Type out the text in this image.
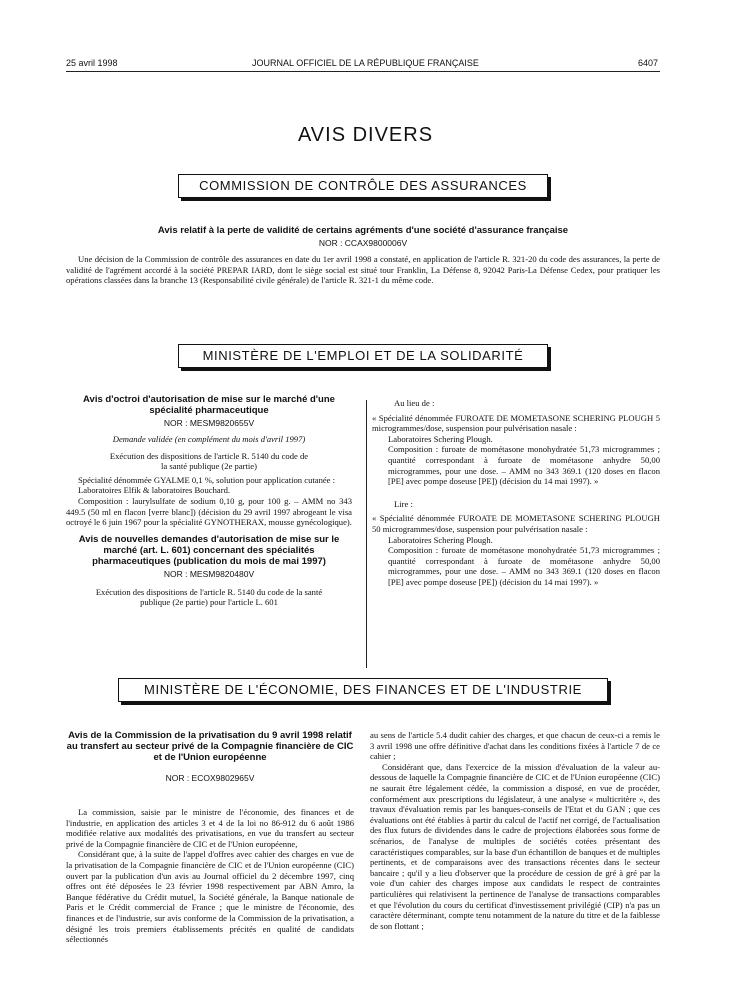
25 avril 1998	JOURNAL OFFICIEL DE LA RÉPUBLIQUE FRANÇAISE	6407
AVIS DIVERS
COMMISSION DE CONTRÔLE DES ASSURANCES
Avis relatif à la perte de validité de certains agréments d'une société d'assurance française
NOR : CCAX9800006V

Une décision de la Commission de contrôle des assurances en date du 1er avril 1998 a constaté, en application de l'article R. 321-20 du code des assurances, la perte de validité de l'agrément accordé à la société PREPAR IARD, dont le siège social est situé tour Franklin, La Défense 8, 92042 Paris-La Défense Cedex, pour pratiquer les opérations classées dans la branche 13 (Responsabilité civile générale) de l'article R. 321-1 du même code.

MINISTÈRE DE L'EMPLOI ET DE LA SOLIDARITÉ
Avis d'octroi d'autorisation de mise sur le marché d'une spécialité pharmaceutique
NOR : MESM9820655V

Demande validée (en complément du mois d'avril 1997)

Exécution des dispositions de l'article R. 5140 du code de la santé publique (2e partie)

Spécialité dénommée GYALME 0,1 %, solution pour application cutanée :

Laboratoires Elfik & laboratoires Bouchard.

Composition : laurylsulfate de sodium 0,10 g, pour 100 g. – AMM no 343 449.5 (50 ml en flacon [verre blanc]) (décision du 29 avril 1997 abrogeant le visa octroyé le 6 juin 1967 pour la spécialité GYNOTHERAX, mousse gynécologique).

Avis de nouvelles demandes d'autorisation de mise sur le marché (art. L. 601) concernant des spécialités pharmaceutiques (publication du mois de mai 1997)
NOR : MESM9820480V

Exécution des dispositions de l'article R. 5140 du code de la santé publique (2e partie) pour l'article L. 601

Au lieu de :

« Spécialité dénommée FUROATE DE MOMETASONE SCHERING PLOUGH 5 microgrammes/dose, suspension pour pulvérisation nasale :

Laboratoires Schering Plough.

Composition : furoate de mométasone monohydratée 51,73 microgrammes ; quantité correspondant à furoate de mométasone anhydre 50,00 microgrammes, pour une dose. – AMM no 343 369.1 (120 doses en flacon [PE] avec pompe doseuse [PE]) (décision du 14 mai 1997). »

Lire :

« Spécialité dénommée FUROATE DE MOMETASONE SCHERING PLOUGH 50 microgrammes/dose, suspension pour pulvérisation nasale :

Laboratoires Schering Plough.

Composition : furoate de mométasone monohydratée 51,73 microgrammes ; quantité correspondant à furoate de mométasone anhydre 50,00 microgrammes, pour une dose. – AMM no 343 369.1 (120 doses en flacon [PE] avec pompe doseuse [PE]) (décision du 14 mai 1997). »

MINISTÈRE DE L'ÉCONOMIE, DES FINANCES ET DE L'INDUSTRIE
Avis de la Commission de la privatisation du 9 avril 1998 relatif au transfert au secteur privé de la Compagnie financière de CIC et de l'Union européenne
NOR : ECOX9802965V

La commission, saisie par le ministre de l'économie, des finances et de l'industrie, en application des articles 3 et 4 de la loi no 86-912 du 6 août 1986 modifiée relative aux modalités des privatisations, en vue du transfert au secteur privé de la Compagnie financière de CIC et de l'Union européenne,

Considérant que, à la suite de l'appel d'offres avec cahier des charges en vue de la privatisation de la Compagnie financière de CIC et de l'Union européenne (CIC) ouvert par la publication d'un avis au Journal officiel du 2 décembre 1997, cinq offres ont été déposées le 23 février 1998 respectivement par ABN Amro, la Banque fédérative du Crédit mutuel, la Société générale, la Banque nationale de Paris et le Crédit commercial de France ; que le ministre de l'économie, des finances et de l'industrie, sur avis conforme de la Commission de la privatisation, a désigné les trois premiers établissements précités en qualité de candidats sélectionnés

au sens de l'article 5.4 dudit cahier des charges, et que chacun de ceux-ci a remis le 3 avril 1998 une offre définitive d'achat dans les conditions fixées à l'article 7 de ce cahier ;

Considérant que, dans l'exercice de la mission d'évaluation de la valeur au-dessous de laquelle la Compagnie financière de CIC et de l'Union européenne (CIC) ne saurait être légalement cédée, la commission a disposé, en vue de procéder, conformément aux prescriptions du législateur, à une analyse « multicritère », des travaux d'évaluation remis par les banques-conseils de l'Etat et du GAN ; que ces évaluations ont été établies à partir du calcul de l'actif net corrigé, de l'actualisation des flux futurs de dividendes dans le cadre de projections élaborées sous forme de scénarios, de l'analyse de multiples de sociétés cotées présentant des caractéristiques comparables, sur la base d'un échantillon de banques et de multiples pertinents, et de comparaisons avec des transactions récentes dans le secteur bancaire ; qu'il y a lieu d'observer que la procédure de cession de gré à gré par la voie d'un cahier des charges impose aux candidats le respect de contraintes particulières qui relativisent la pertinence de l'analyse de transactions comparables et que l'évolution du cours du certificat d'investissement privilégié (CIP) n'a pas un caractère déterminant, compte tenu notamment de la nature du titre et de la faiblesse de son flottant ;
